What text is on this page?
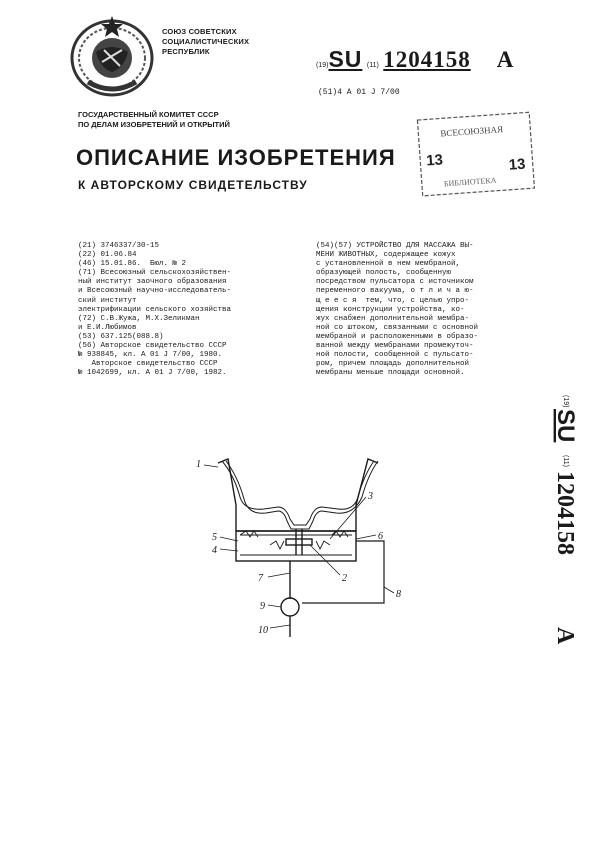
СОЮЗ СОВЕТСКИХ
СОЦИАЛИСТИЧЕСКИХ
РЕСПУБЛИК
(19)SU (11) 1204158 A
(51)4 A 01 J 7/00
ГОСУДАРСТВЕННЫЙ КОМИТЕТ СССР
ПО ДЕЛАМ ИЗОБРЕТЕНИЙ И ОТКРЫТИЙ
ОПИСАНИЕ ИЗОБРЕТЕНИЯ
К АВТОРСКОМУ СВИДЕТЕЛЬСТВУ
ВСЕСОЮЗНАЯ
13	13
БИБЛИОТЕКА
(21) 3746337/30-15
(22) 01.06.84
(46) 15.01.86.  Бюл. № 2
(71) Всесоюзный сельскохозяйствен-
ный институт заочного образования
и Всесоюзный научно-исследователь-
ский институт
электрификации сельского хозяйства
(72) С.В.Жужа, М.Х.Зеликман
и Е.И.Любимов
(53) 637.125(088.8)
(56) Авторское свидетельство СССР
№ 938845, кл. A 01 J 7/00, 1980.
Авторское свидетельство СССР
№ 1042699, кл. A 01 J 7/00, 1982.
(54)(57) УСТРОЙСТВО ДЛЯ МАССАЖА ВЫ-
МЕНИ ЖИВОТНЫХ, содержащее кожух
с установленной в нем мембраной,
образующей полость, сообщенную
посредством пульсатора с источником
переменного вакуума, о т л и ч а ю-
щ е е с я  тем, что, с целью упро-
щения конструкции устройства, ко-
жух снабжен дополнительной мембра-
ной со штоком, связанными с основной
мембраной и расположенными в образо-
ванной между мембранами промежуточ-
ной полости, сообщенной с пульсато-
ром, причем площадь дополнительной
мембраны меньше площади основной.
(19)
SU
(11)
1204158
A
1
5
4
3
6
2
7
8
9
10
